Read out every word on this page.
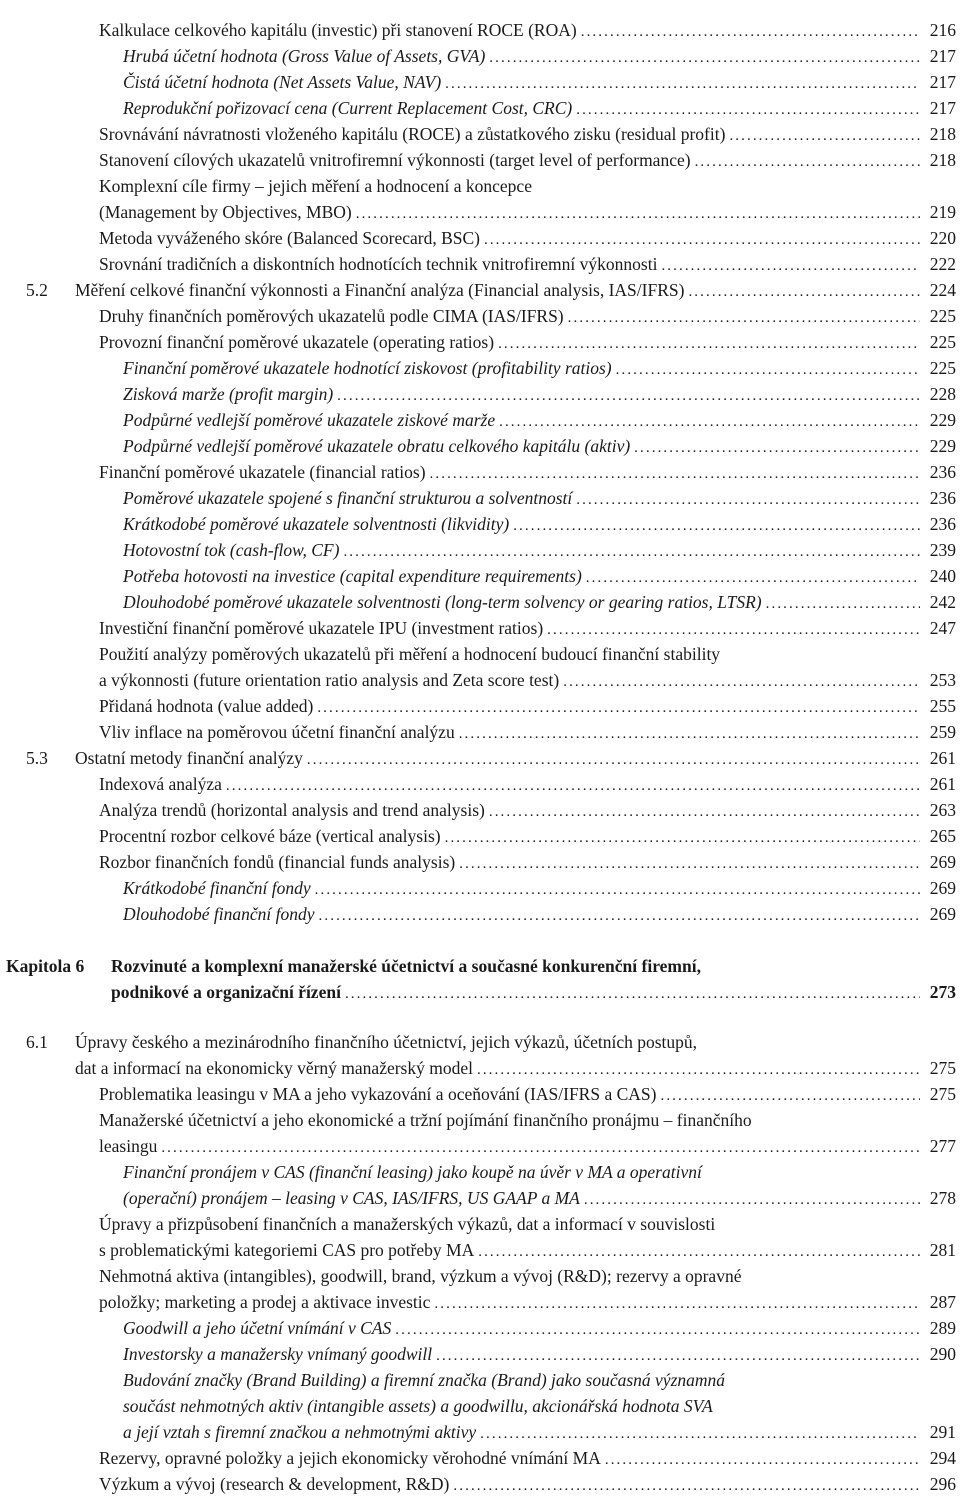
Kalkulace celkového kapitálu (investic) při stanovení ROCE (ROA) .....	216
Hrubá účetní hodnota (Gross Value of Assets, GVA) .....	217
Čistá účetní hodnota (Net Assets Value, NAV) .....	217
Reprodukční pořizovací cena (Current Replacement Cost, CRC) .....	217
Srovnávání návratnosti vloženého kapitálu (ROCE) a zůstatkového zisku (residual profit) .....	218
Stanovení cílových ukazatelů vnitrofiremní výkonnosti (target level of performance) .....	218
Komplexní cíle firmy – jejich měření a hodnocení a koncepce
(Management by Objectives, MBO) .....	219
Metoda vyváženého skóre (Balanced Scorecard, BSC) .....	220
Srovnání tradičních a diskontních hodnotících technik vnitrofiremní výkonnosti .....	222
5.2 Měření celkové finanční výkonnosti a Finanční analýza (Financial analysis, IAS/IFRS) .....	224
Druhy finančních poměrových ukazatelů podle CIMA (IAS/IFRS) .....	225
Provozní finanční poměrové ukazatele (operating ratios) .....	225
Finanční poměrové ukazatele hodnotící ziskovost (profitability ratios) .....	225
Zisková marže (profit margin) .....	228
Podpůrné vedlejší poměrové ukazatele ziskové marže .....	229
Podpůrné vedlejší poměrové ukazatele obratu celkového kapitálu (aktiv) .....	229
Finanční poměrové ukazatele (financial ratios) .....	236
Poměrové ukazatele spojené s finanční strukturou a solventností .....	236
Krátkodobé poměrové ukazatele solventnosti (likvidity) .....	236
Hotovostní tok (cash-flow, CF) .....	239
Potřeba hotovosti na investice (capital expenditure requirements) .....	240
Dlouhodobé poměrové ukazatele solventnosti (long-term solvency or gearing ratios, LTSR) .....	242
Investiční finanční poměrové ukazatele IPU (investment ratios) .....	247
Použití analýzy poměrových ukazatelů při měření a hodnocení budoucí finanční stability
a výkonnosti (future orientation ratio analysis and Zeta score test) .....	253
Přidaná hodnota (value added) .....	255
Vliv inflace na poměrovou účetní finanční analýzu .....	259
5.3 Ostatní metody finanční analýzy .....	261
Indexová analýza .....	261
Analýza trendů (horizontal analysis and trend analysis) .....	263
Procentní rozbor celkové báze (vertical analysis) .....	265
Rozbor finančních fondů (financial funds analysis) .....	269
Krátkodobé finanční fondy .....	269
Dlouhodobé finanční fondy .....	269
Kapitola 6 Rozvinuté a komplexní manažerské účetnictví a současné konkurenční firemní,
podnikové a organizační řízení .....	273
6.1 Úpravy českého a mezinárodního finančního účetnictví, jejich výkazů, účetních postupů,
dat a informací na ekonomicky věrný manažerský model .....	275
Problematika leasingu v MA a jeho vykazování a oceňování (IAS/IFRS a CAS) .....	275
Manažerské účetnictví a jeho ekonomické a tržní pojímání finančního pronájmu – finančního
leasingu .....	277
Finanční pronájem v CAS (finanční leasing) jako koupě na úvěr v MA a operativní
(operační) pronájem – leasing v CAS, IAS/IFRS, US GAAP a MA .....	278
Úpravy a přizpůsobení finančních a manažerských výkazů, dat a informací v souvislosti
s problematickými kategoriemi CAS pro potřeby MA .....	281
Nehmotná aktiva (intangibles), goodwill, brand, výzkum a vývoj (R&D); rezervy a opravné
položky; marketing a prodej a aktivace investic .....	287
Goodwill a jeho účetní vnímání v CAS .....	289
Investorsky a manažersky vnímaný goodwill .....	290
Budování značky (Brand Building) a firemní značka (Brand) jako současná významná
součást nehmotných aktiv (intangible assets) a goodwillu, akcionářská hodnota SVA
a její vztah s firemní značkou a nehmotnými aktivy .....	291
Rezervy, opravné položky a jejich ekonomicky věrohodné vnímání MA .....	294
Výzkum a vývoj (research & development, R&D) .....	296
